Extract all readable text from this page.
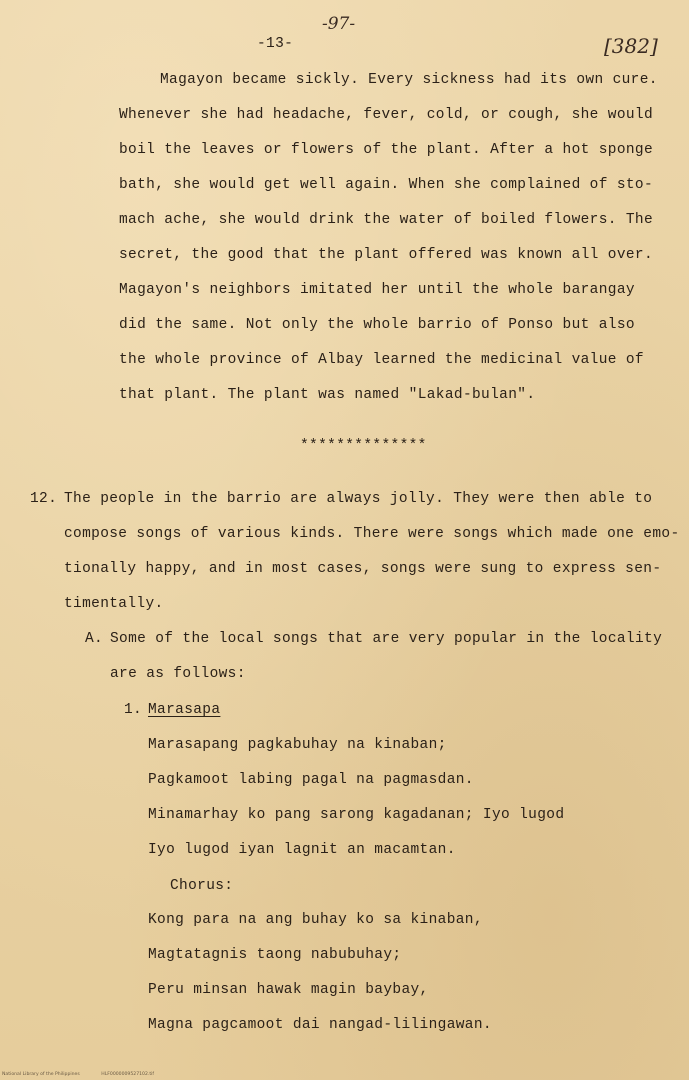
-97-
-13-	[382]
Magayon became sickly. Every sickness had its own cure.
Whenever she had headache, fever, cold, or cough, she would
boil the leaves or flowers of the plant. After a hot sponge
bath, she would get well again. When she complained of sto-
mach ache, she would drink the water of boiled flowers. The
secret, the good that the plant offered was known all over.
Magayon's neighbors imitated her until the whole barangay
did the same. Not only the whole barrio of Ponso but also
the whole province of Albay learned the medicinal value of
that plant. The plant was named "Lakad-bulan".
**************
12. The people in the barrio are always jolly. They were then able to
compose songs of various kinds. There were songs which made one emo-
tionally happy, and in most cases, songs were sung to express sen-
timentally.
A. Some of the local songs that are very popular in the locality
are as follows:
1. Marasapa
Marasapang pagkabuhay na kinaban;
Pagkamoot labing pagal na pagmasdan.
Minamarhay ko pang sarong kagadanan; Iyo lugod
Iyo lugod iyan lagnit an macamtan.
Chorus:
Kong para na ang buhay ko sa kinaban,
Magtatagnis taong nabubuhay;
Peru minsan hawak magin baybay,
Magna pagcamoot dai nangad-lilingawan.
National Library of the Philippines	HLF0000009527102.tif
